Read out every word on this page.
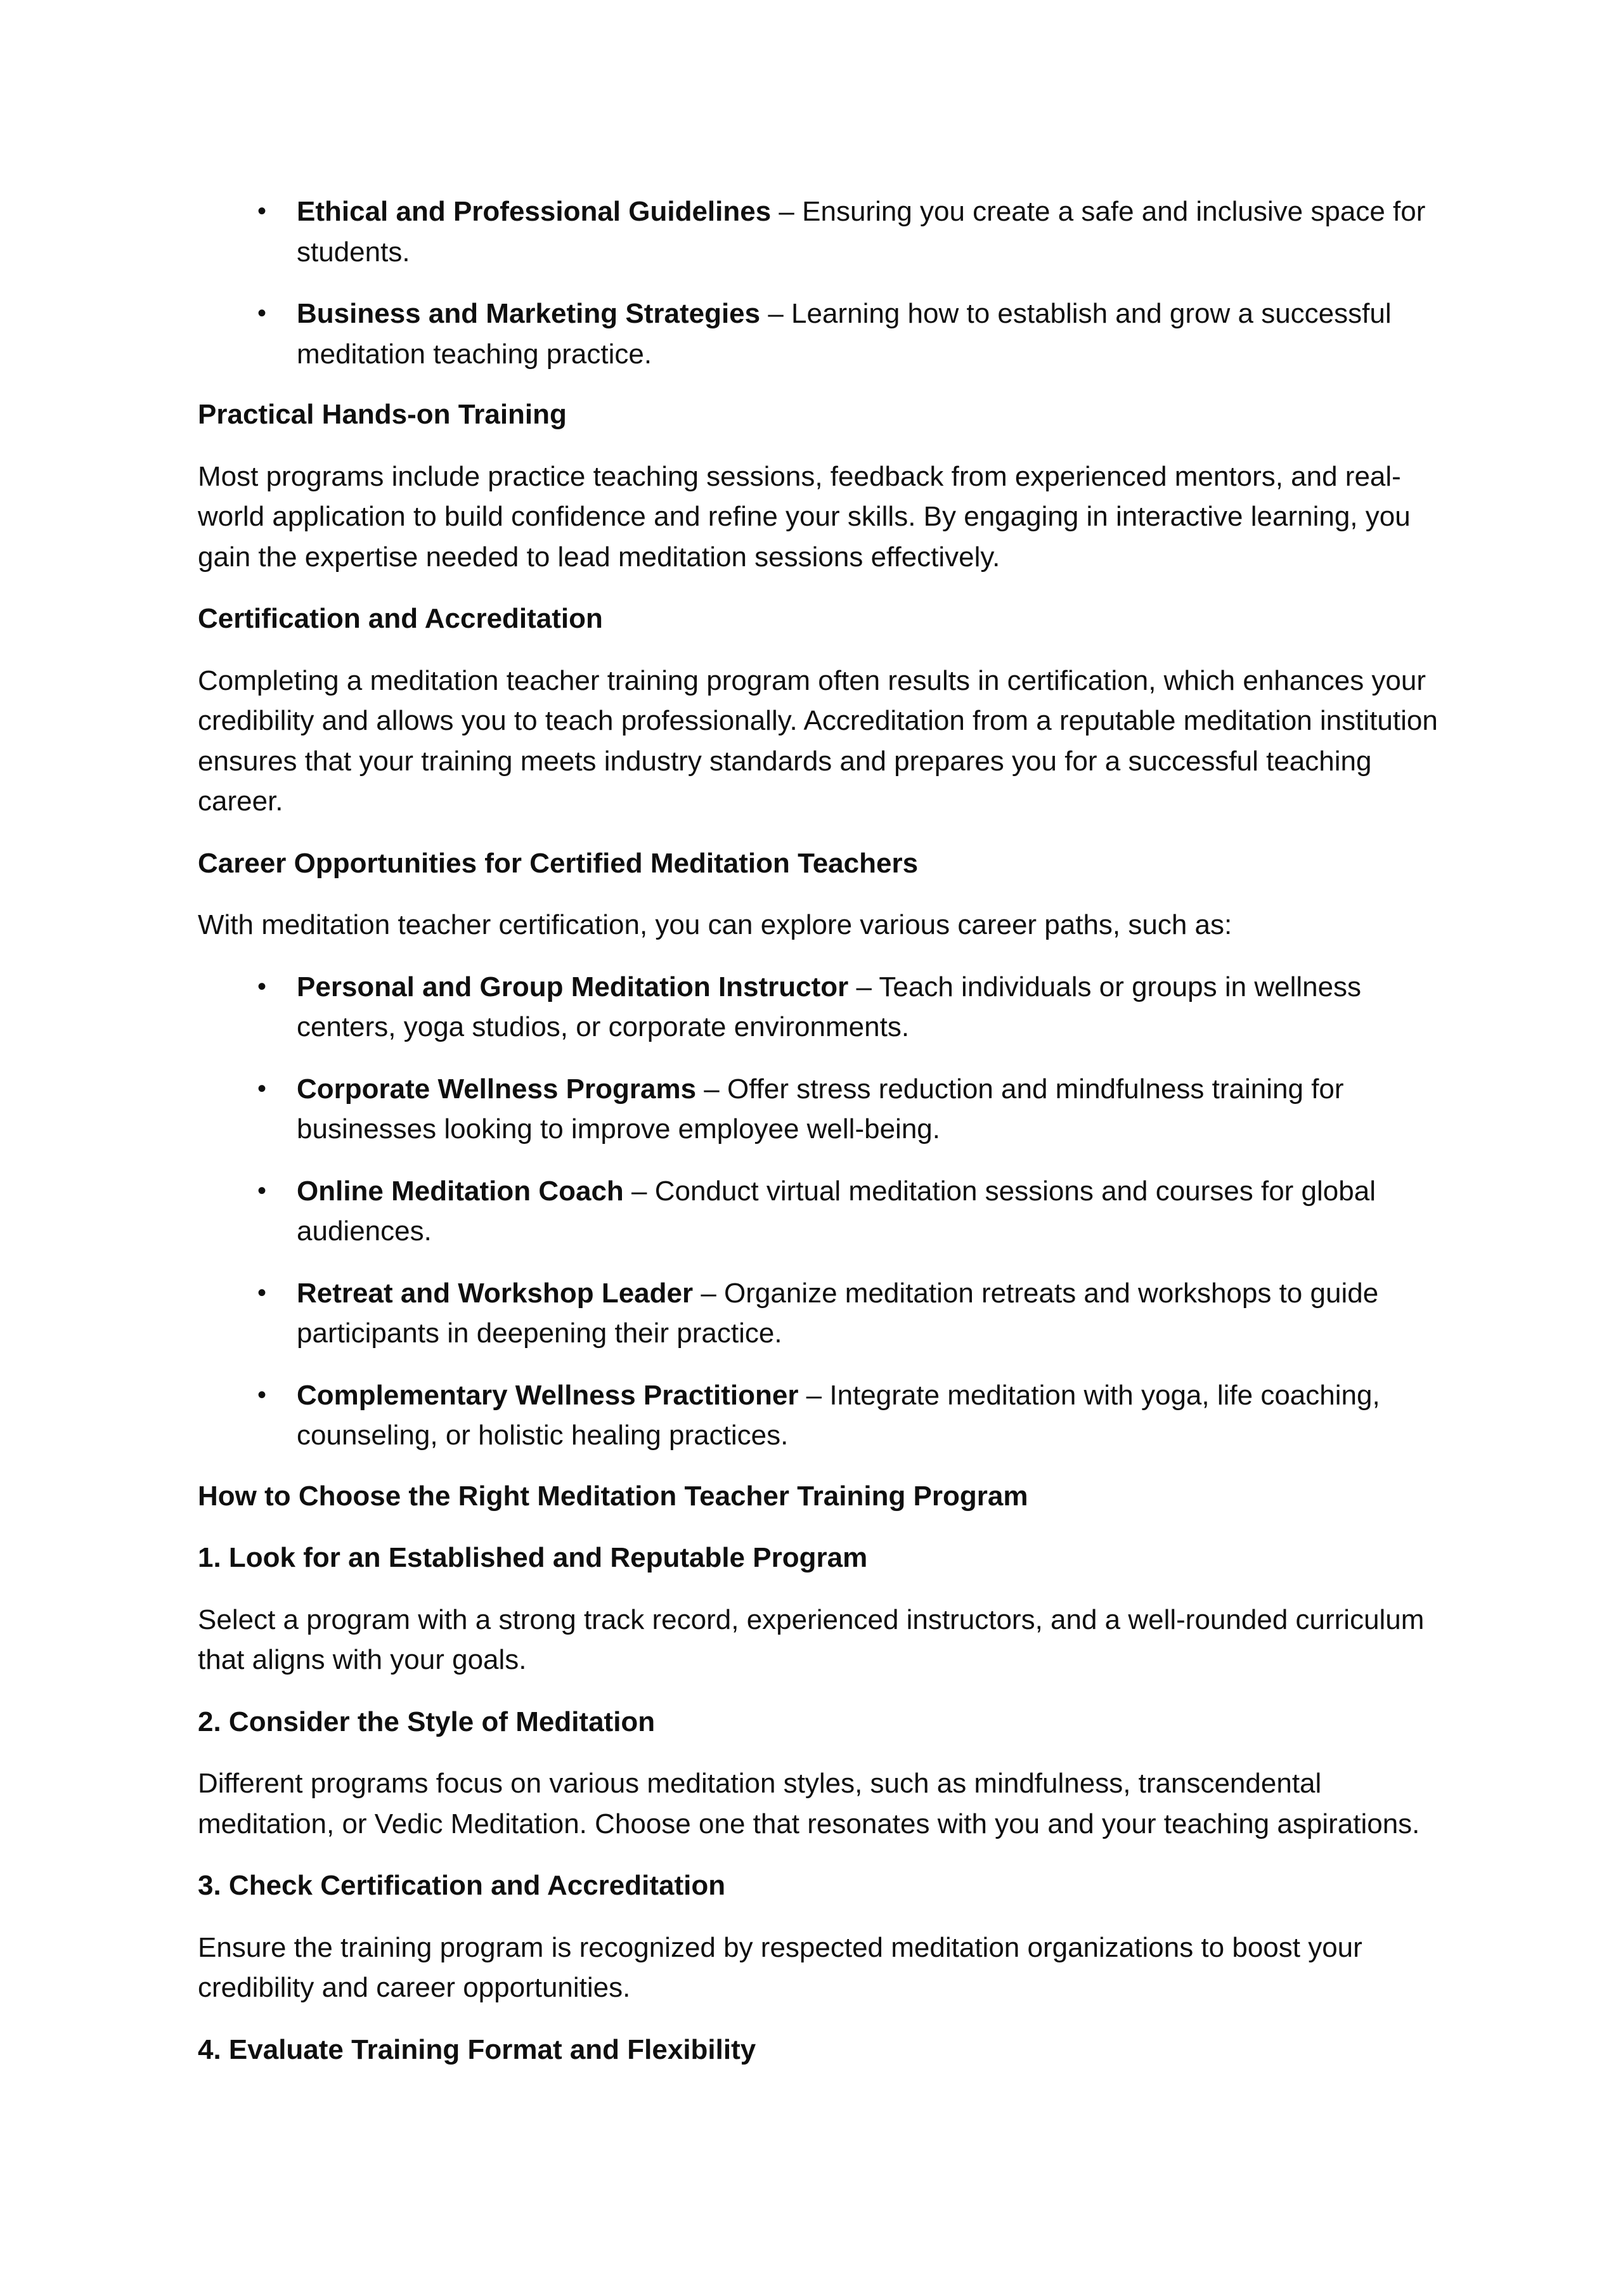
• Ethical and Professional Guidelines – Ensuring you create a safe and inclusive space for students.
• Business and Marketing Strategies – Learning how to establish and grow a successful meditation teaching practice.

Practical Hands-on Training

Most programs include practice teaching sessions, feedback from experienced mentors, and real-world application to build confidence and refine your skills. By engaging in interactive learning, you gain the expertise needed to lead meditation sessions effectively.

Certification and Accreditation

Completing a meditation teacher training program often results in certification, which enhances your credibility and allows you to teach professionally. Accreditation from a reputable meditation institution ensures that your training meets industry standards and prepares you for a successful teaching career.

Career Opportunities for Certified Meditation Teachers

With meditation teacher certification, you can explore various career paths, such as:

• Personal and Group Meditation Instructor – Teach individuals or groups in wellness centers, yoga studios, or corporate environments.
• Corporate Wellness Programs – Offer stress reduction and mindfulness training for businesses looking to improve employee well-being.
• Online Meditation Coach – Conduct virtual meditation sessions and courses for global audiences.
• Retreat and Workshop Leader – Organize meditation retreats and workshops to guide participants in deepening their practice.
• Complementary Wellness Practitioner – Integrate meditation with yoga, life coaching, counseling, or holistic healing practices.

How to Choose the Right Meditation Teacher Training Program

1. Look for an Established and Reputable Program

Select a program with a strong track record, experienced instructors, and a well-rounded curriculum that aligns with your goals.

2. Consider the Style of Meditation

Different programs focus on various meditation styles, such as mindfulness, transcendental meditation, or Vedic Meditation. Choose one that resonates with you and your teaching aspirations.

3. Check Certification and Accreditation

Ensure the training program is recognized by respected meditation organizations to boost your credibility and career opportunities.

4. Evaluate Training Format and Flexibility
